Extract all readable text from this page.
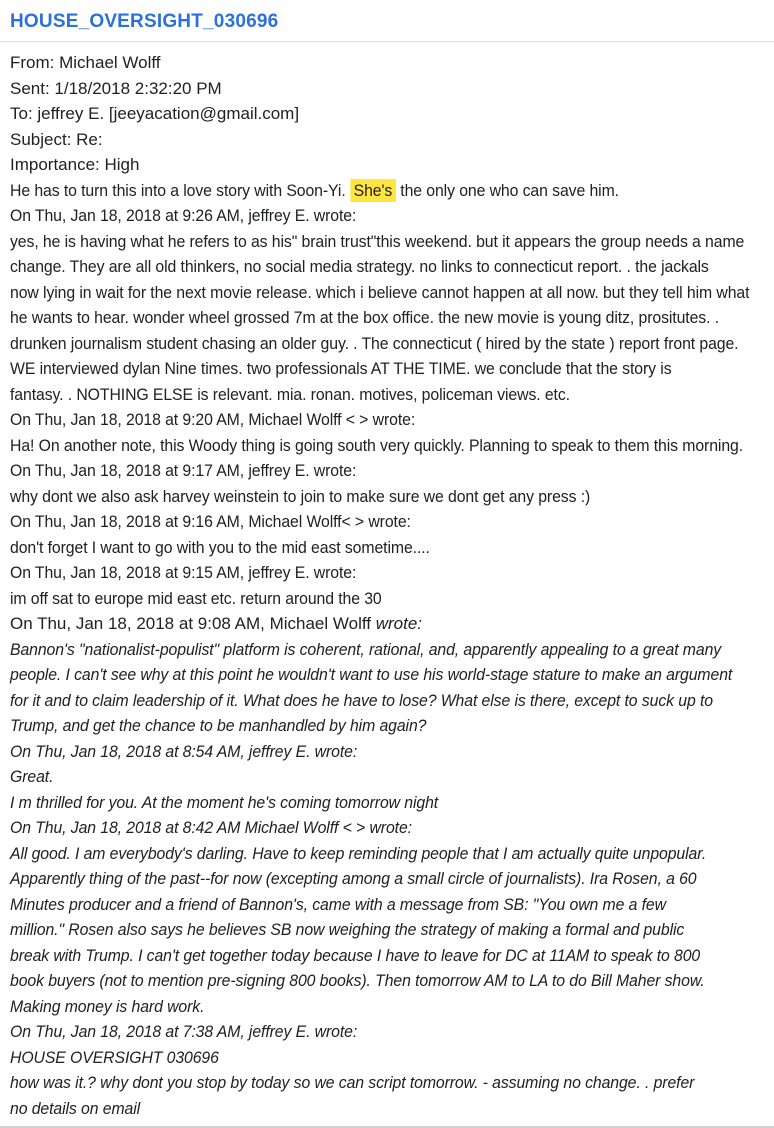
HOUSE_OVERSIGHT_030696
From: Michael Wolff
Sent: 1/18/2018 2:32:20 PM
To: jeffrey E. [jeeyacation@gmail.com]
Subject: Re:
Importance: High
He has to turn this into a love story with Soon-Yi. She's the only one who can save him.
On Thu, Jan 18, 2018 at 9:26 AM, jeffrey E. wrote:
yes, he is having what he refers to as his" brain trust"this weekend. but it appears the group needs a name
change. They are all old thinkers, no social media strategy. no links to connecticut report. . the jackals
now lying in wait for the next movie release. which i believe cannot happen at all now. but they tell him what
he wants to hear. wonder wheel grossed 7m at the box office. the new movie is young ditz, prositutes. .
drunken journalism student chasing an older guy. . The connecticut ( hired by the state ) report front page.
WE interviewed dylan Nine times. two professionals AT THE TIME. we conclude that the story is
fantasy. . NOTHING ELSE is relevant. mia. ronan. motives, policeman views. etc.
On Thu, Jan 18, 2018 at 9:20 AM, Michael Wolff < > wrote:
Ha! On another note, this Woody thing is going south very quickly. Planning to speak to them this morning.
On Thu, Jan 18, 2018 at 9:17 AM, jeffrey E. wrote:
why dont we also ask harvey weinstein to join to make sure we dont get any press :)
On Thu, Jan 18, 2018 at 9:16 AM, Michael Wolff< > wrote:
don't forget I want to go with you to the mid east sometime....
On Thu, Jan 18, 2018 at 9:15 AM, jeffrey E. wrote:
im off sat to europe mid east etc. return around the 30
On Thu, Jan 18, 2018 at 9:08 AM, Michael Wolff wrote:
Bannon's "nationalist-populist" platform is coherent, rational, and, apparently appealing to a great many
people. I can't see why at this point he wouldn't want to use his world-stage stature to make an argument
for it and to claim leadership of it. What does he have to lose? What else is there, except to suck up to
Trump, and get the chance to be manhandled by him again?
On Thu, Jan 18, 2018 at 8:54 AM, jeffrey E. wrote:
Great.
I m thrilled for you. At the moment he's coming tomorrow night
On Thu, Jan 18, 2018 at 8:42 AM Michael Wolff < > wrote:
All good. I am everybody's darling. Have to keep reminding people that I am actually quite unpopular.
Apparently thing of the past--for now (excepting among a small circle of journalists). Ira Rosen, a 60
Minutes producer and a friend of Bannon's, came with a message from SB: "You own me a few
million." Rosen also says he believes SB now weighing the strategy of making a formal and public
break with Trump. I can't get together today because I have to leave for DC at 11AM to speak to 800
book buyers (not to mention pre-signing 800 books). Then tomorrow AM to LA to do Bill Maher show.
Making money is hard work.
On Thu, Jan 18, 2018 at 7:38 AM, jeffrey E. wrote:
HOUSE OVERSIGHT 030696
how was it.? why dont you stop by today so we can script tomorrow. - assuming no change. . prefer
no details on email
